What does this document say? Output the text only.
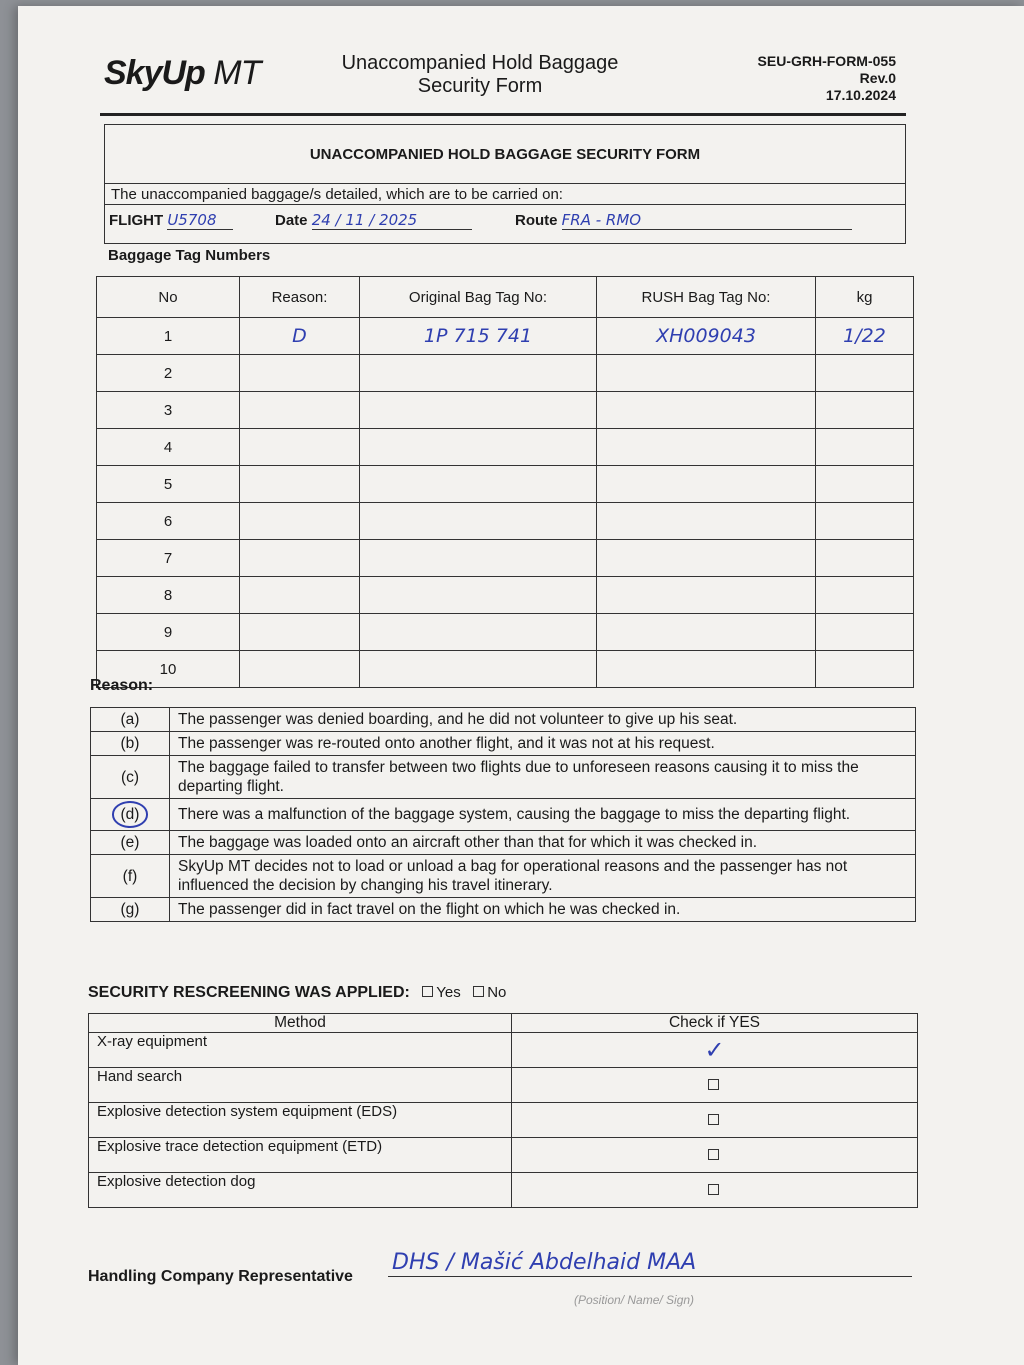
SkyUp MT	Unaccompanied Hold Baggage
Security Form
SEU-GRH-FORM-055
Rev.0
17.10.2024
UNACCOMPANIED HOLD BAGGAGE SECURITY FORM
The unaccompanied baggage/s detailed, which are to be carried on:
FLIGHT U5708	Date 24 / 11 / 2025	Route FRA - RMO
Baggage Tag Numbers
No	Reason:	Original Bag Tag No:	RUSH Bag Tag No:	kg
1	D	1P 715 741	XH009043	1/22
2				
3				
4				
5				
6				
7				
8				
9				
10				
Reason:
(a)	The passenger was denied boarding, and he did not volunteer to give up his seat.
(b)	The passenger was re-routed onto another flight, and it was not at his request.
(c)	The baggage failed to transfer between two flights due to unforeseen reasons causing it to miss the departing flight.
(d)	There was a malfunction of the baggage system, causing the baggage to miss the departing flight.
(e)	The baggage was loaded onto an aircraft other than that for which it was checked in.
(f)	SkyUp MT decides not to load or unload a bag for operational reasons and the passenger has not influenced the decision by changing his travel itinerary.
(g)	The passenger did in fact travel on the flight on which he was checked in.
SECURITY RESCREENING WAS APPLIED: Yes No
Method	Check if YES
X-ray equipment	✓
Hand search	
Explosive detection system equipment (EDS)	
Explosive trace detection equipment (ETD)	
Explosive detection dog	
Handling Company Representative
DHS / Mašić Abdelhaid MAA
(Position/ Name/ Sign)
